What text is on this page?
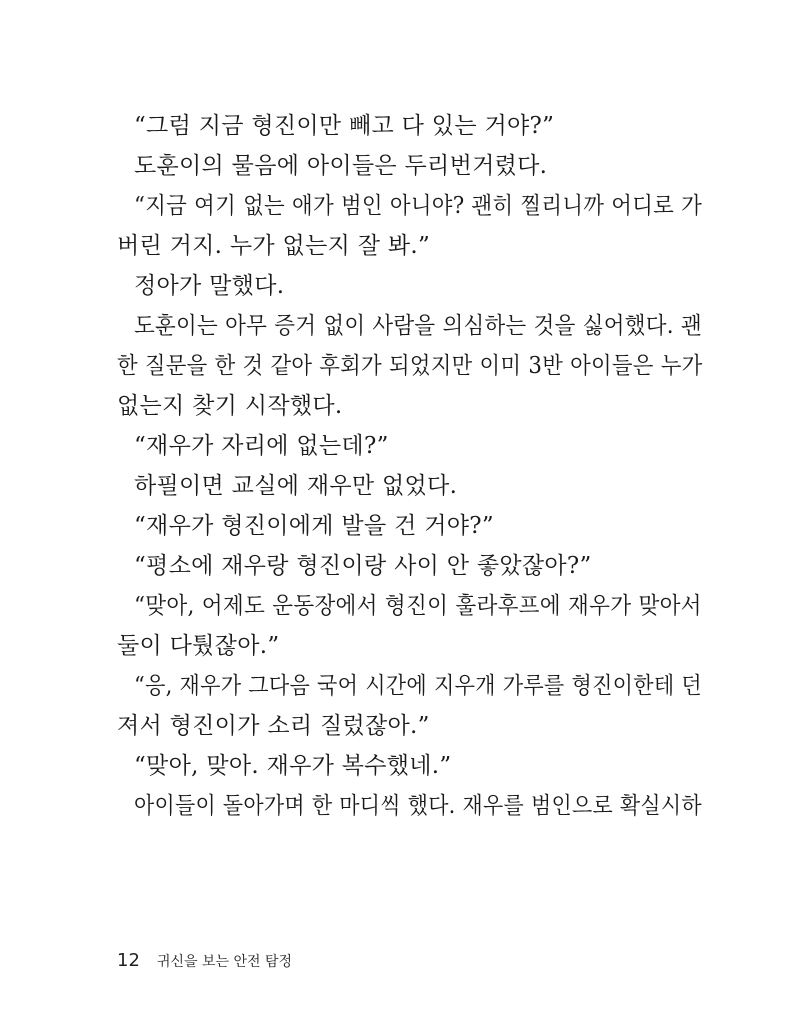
“그럼 지금 형진이만 빼고 다 있는 거야?”
도훈이의 물음에 아이들은 두리번거렸다.
“지금 여기 없는 애가 범인 아니야? 괜히 찔리니까 어디로 가
버린 거지. 누가 없는지 잘 봐.”
정아가 말했다.
도훈이는 아무 증거 없이 사람을 의심하는 것을 싫어했다. 괜
한 질문을 한 것 같아 후회가 되었지만 이미 3반 아이들은 누가
없는지 찾기 시작했다.
“재우가 자리에 없는데?”
하필이면 교실에 재우만 없었다.
“재우가 형진이에게 발을 건 거야?”
“평소에 재우랑 형진이랑 사이 안 좋았잖아?”
“맞아, 어제도 운동장에서 형진이 훌라후프에 재우가 맞아서
둘이 다퉜잖아.”
“응, 재우가 그다음 국어 시간에 지우개 가루를 형진이한테 던
져서 형진이가 소리 질렀잖아.”
“맞아, 맞아. 재우가 복수했네.”
아이들이 돌아가며 한 마디씩 했다. 재우를 범인으로 확실시하
12 귀신을 보는 안전 탐정
